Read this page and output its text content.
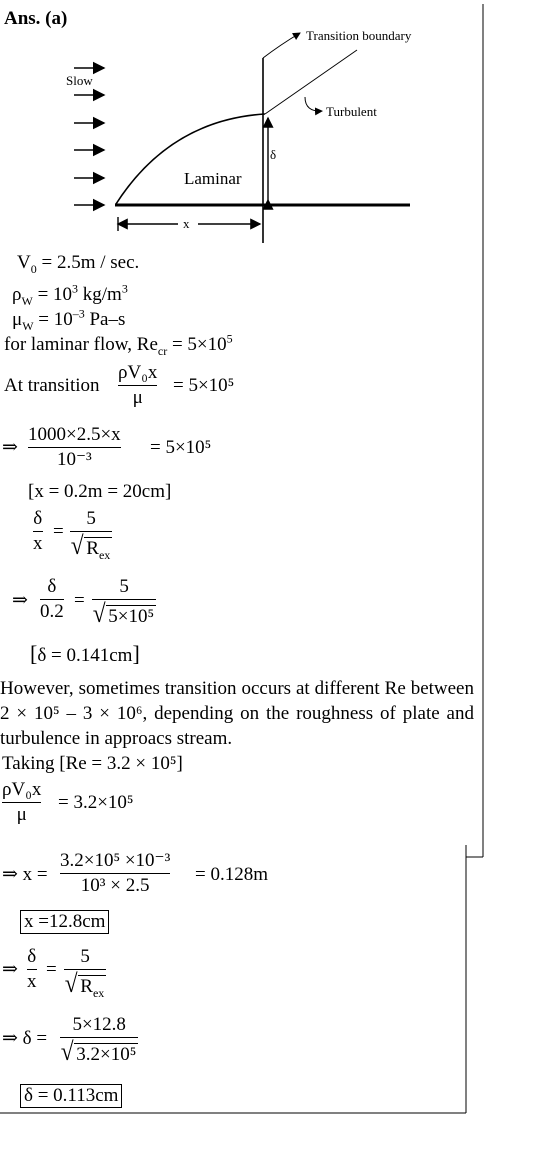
Ans. (a)
Slow
Transition boundary
Turbulent
Laminar
δ
x
$V_0 = 2.5m / \sec$.
$\rho_W = 10^3$ $kg/m^3$
$\mu_W = 10^{-3}$ Pa–s
for laminar flow, $Re_{cr} = 5\times 10^5$
At transition
ρV₀x
μ
= 5×10⁵
⇒
1000×2.5×x
10⁻³
= 5×10⁵
[x = 0.2m = 20cm]
δ
x
=
5
√ $R_{ex}$
⇒
δ
0.2
=
5
√ 5×10⁵
[δ = 0.141cm]
However, sometimes transition occurs at different Re between 2 × 10⁵ – 3 × 10⁶, depending on the roughness of plate and turbulence in approacs stream.
Taking [Re = 3.2 × 10⁵]
ρV₀x
μ
= 3.2×10⁵
⇒ x =
3.2×10⁵ ×10⁻³
10³ × 2.5
= 0.128m
x =12.8cm
⇒
δ
x
=
5
√ $R_{ex}$
⇒ δ =
5×12.8
√ 3.2×10⁵
δ = 0.113cm
